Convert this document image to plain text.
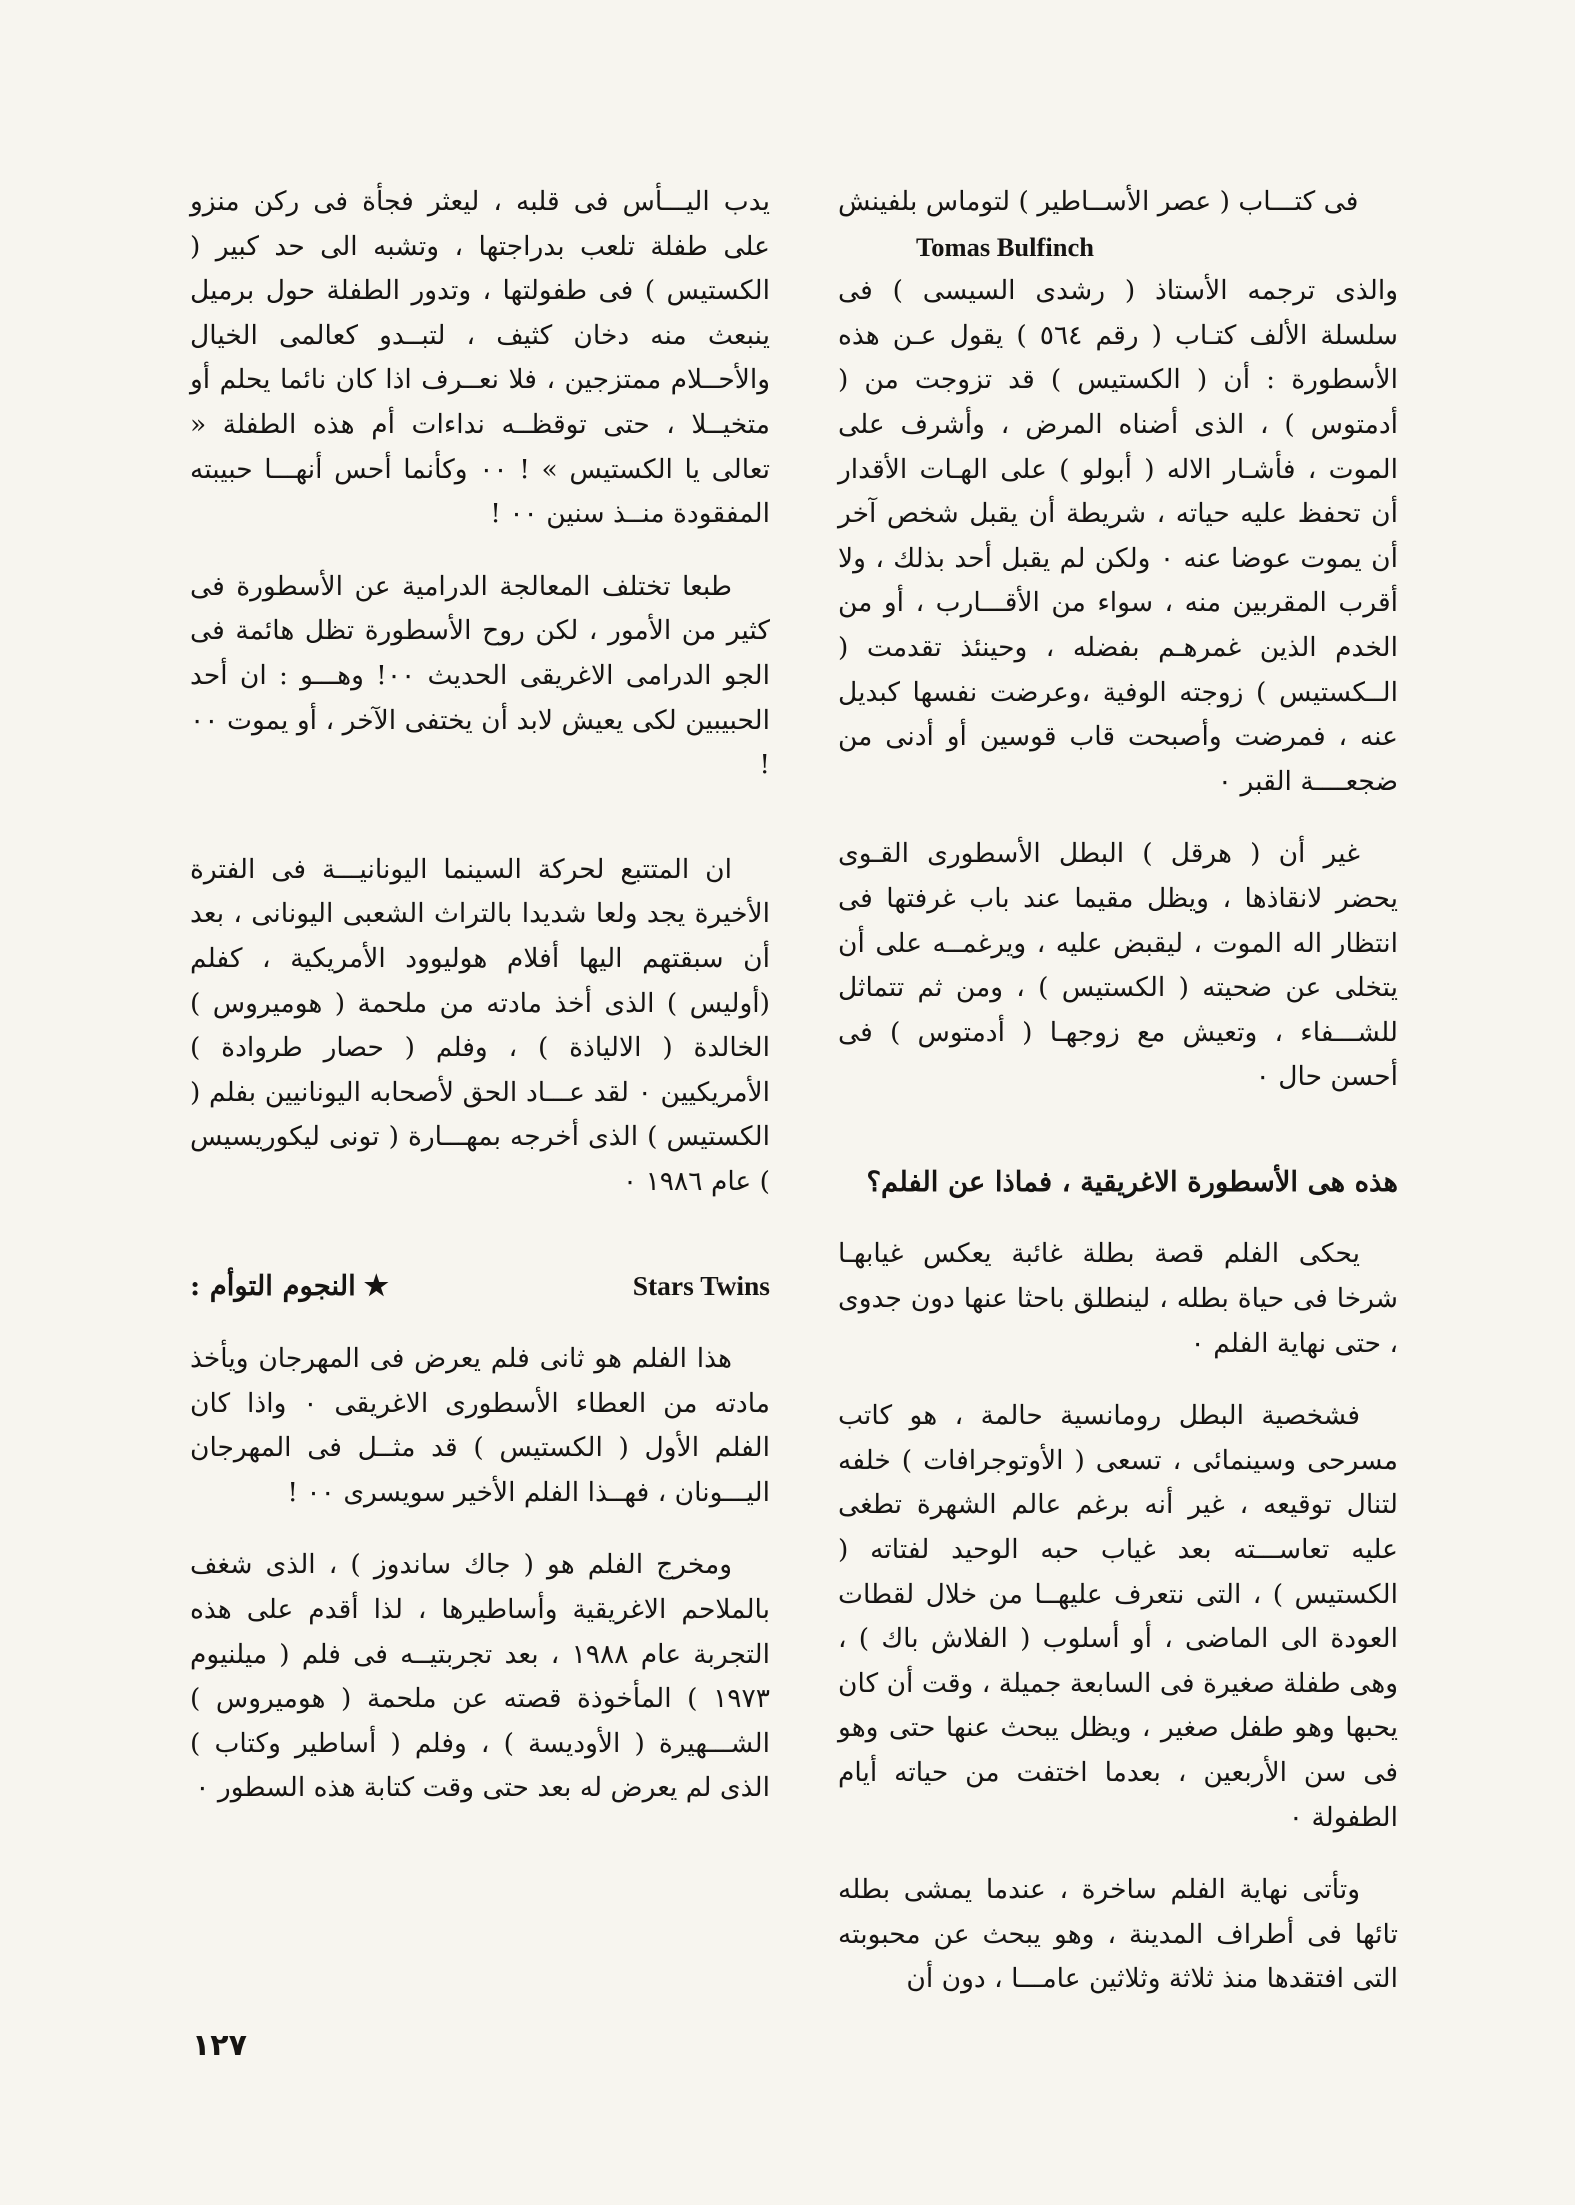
فى كتـــاب ( عصر الأســاطير ) لتوماس بلفينش
Tomas Bulfinch
والذى ترجمه الأستاذ ( رشدى السيسى ) فى سلسلة الألف كتـاب ( رقم ٥٦٤ ) يقول عـن هذه الأسطورة : أن ( الكستيس ) قد تزوجت من ( أدمتوس ) ، الذى أضناه المرض ، وأشرف على الموت ، فأشـار الاله ( أبولو ) على الهـات الأقدار أن تحفظ عليه حياته ، شريطة أن يقبل شخص آخر أن يموت عوضا عنه ٠ ولكن لم يقبل أحد بذلك ، ولا أقرب المقربين منه ، سواء من الأقـــارب ، أو من الخدم الذين غمرهـم بفضله ، وحينئذ تقدمت ( الــكستيس ) زوجته الوفية ،وعرضت نفسها كبديل عنه ، فمرضت وأصبحت قاب قوسين أو أدنى من ضجعــــة القبر ٠

غير أن ( هرقل ) البطل الأسطورى القـوى يحضر لانقاذها ، ويظل مقيما عند باب غرفتها فى انتظار اله الموت ، ليقبض عليه ، ويرغمــه على أن يتخلى عن ضحيته ( الكستيس ) ، ومن ثم تتماثل للشـــفاء ، وتعيش مع زوجهـا ( أدمتوس ) فى أحسن حال ٠

هذه هى الأسطورة الاغريقية ، فماذا عن الفلم؟

يحكى الفلم قصة بطلة غائبة يعكس غيابهـا شرخا فى حياة بطله ، لينطلق باحثا عنها دون جدوى ، حتى نهاية الفلم ٠

فشخصية البطل رومانسية حالمة ، هو كاتب مسرحى وسينمائى ، تسعى ( الأوتوجرافات ) خلفه لتنال توقيعه ، غير أنه برغم عالم الشهرة تطغى عليه تعاســـته بعد غياب حبه الوحيد لفتاته ( الكستيس ) ، التى نتعرف عليهــا من خلال لقطات العودة الى الماضى ، أو أسلوب ( الفلاش باك ) ، وهى طفلة صغيرة فى السابعة جميلة ، وقت أن كان يحبها وهو طفل صغير ، ويظل يبحث عنها حتى وهو فى سن الأربعين ، بعدما اختفت من حياته أيام الطفولة ٠

وتأتى نهاية الفلم ساخرة ، عندما يمشى بطله تائها فى أطراف المدينة ، وهو يبحث عن محبوبته التى افتقدها منذ ثلاثة وثلاثين عامـــا ، دون أن

يدب اليـــأس فى قلبه ، ليعثر فجأة فى ركن منزو على طفلة تلعب بدراجتها ، وتشبه الى حد كبير ( الكستيس ) فى طفولتها ، وتدور الطفلة حول برميل ينبعث منه دخان كثيف ، لتبــدو كعالمى الخيال والأحــلام ممتزجين ، فلا نعــرف اذا كان نائما يحلم أو متخيــلا ، حتى توقظــه نداءات أم هذه الطفلة « تعالى يا الكستيس » ! ٠٠ وكأنما أحس أنهـــا حبيبته المفقودة منــذ سنين ٠٠ !

طبعا تختلف المعالجة الدرامية عن الأسطورة فى كثير من الأمور ، لكن روح الأسطورة تظل هائمة فى الجو الدرامى الاغريقى الحديث ٠٠! وهـــو : ان أحد الحبيبين لكى يعيش لابد أن يختفى الآخر ، أو يموت ٠٠ !

ان المتتبع لحركة السينما اليونانيـــة فى الفترة الأخيرة يجد ولعا شديدا بالتراث الشعبى اليونانى ، بعد أن سبقتهم اليها أفلام هوليوود الأمريكية ، كفلم (أوليس ) الذى أخذ مادته من ملحمة ( هوميروس ) الخالدة ( الالياذة ) ، وفلم ( حصار طروادة ) الأمريكيين ٠ لقد عـــاد الحق لأصحابه اليونانيين بفلم ( الكستيس ) الذى أخرجه بمهـــارة ( تونى ليكوريسيس ) عام ١٩٨٦ ٠

★النجوم التوأم :	Stars Twins

هذا الفلم هو ثانى فلم يعرض فى المهرجان ويأخذ مادته من العطاء الأسطورى الاغريقى ٠ واذا كان الفلم الأول ( الكستيس ) قد مثــل فى المهرجان اليـــونان ، فهــذا الفلم الأخير سويسرى ٠٠ !

ومخرج الفلم هو ( جاك ساندوز ) ، الذى شغف بالملاحم الاغريقية وأساطيرها ، لذا أقدم على هذه التجربة عام ١٩٨٨ ، بعد تجربتيــه فى فلم ( ميلنيوم ١٩٧٣ ) المأخوذة قصته عن ملحمة ( هوميروس ) الشـــهيرة ( الأوديسة ) ، وفلم ( أساطير وكتاب ) الذى لم يعرض له بعد حتى وقت كتابة هذه السطور ٠

١٢٧
